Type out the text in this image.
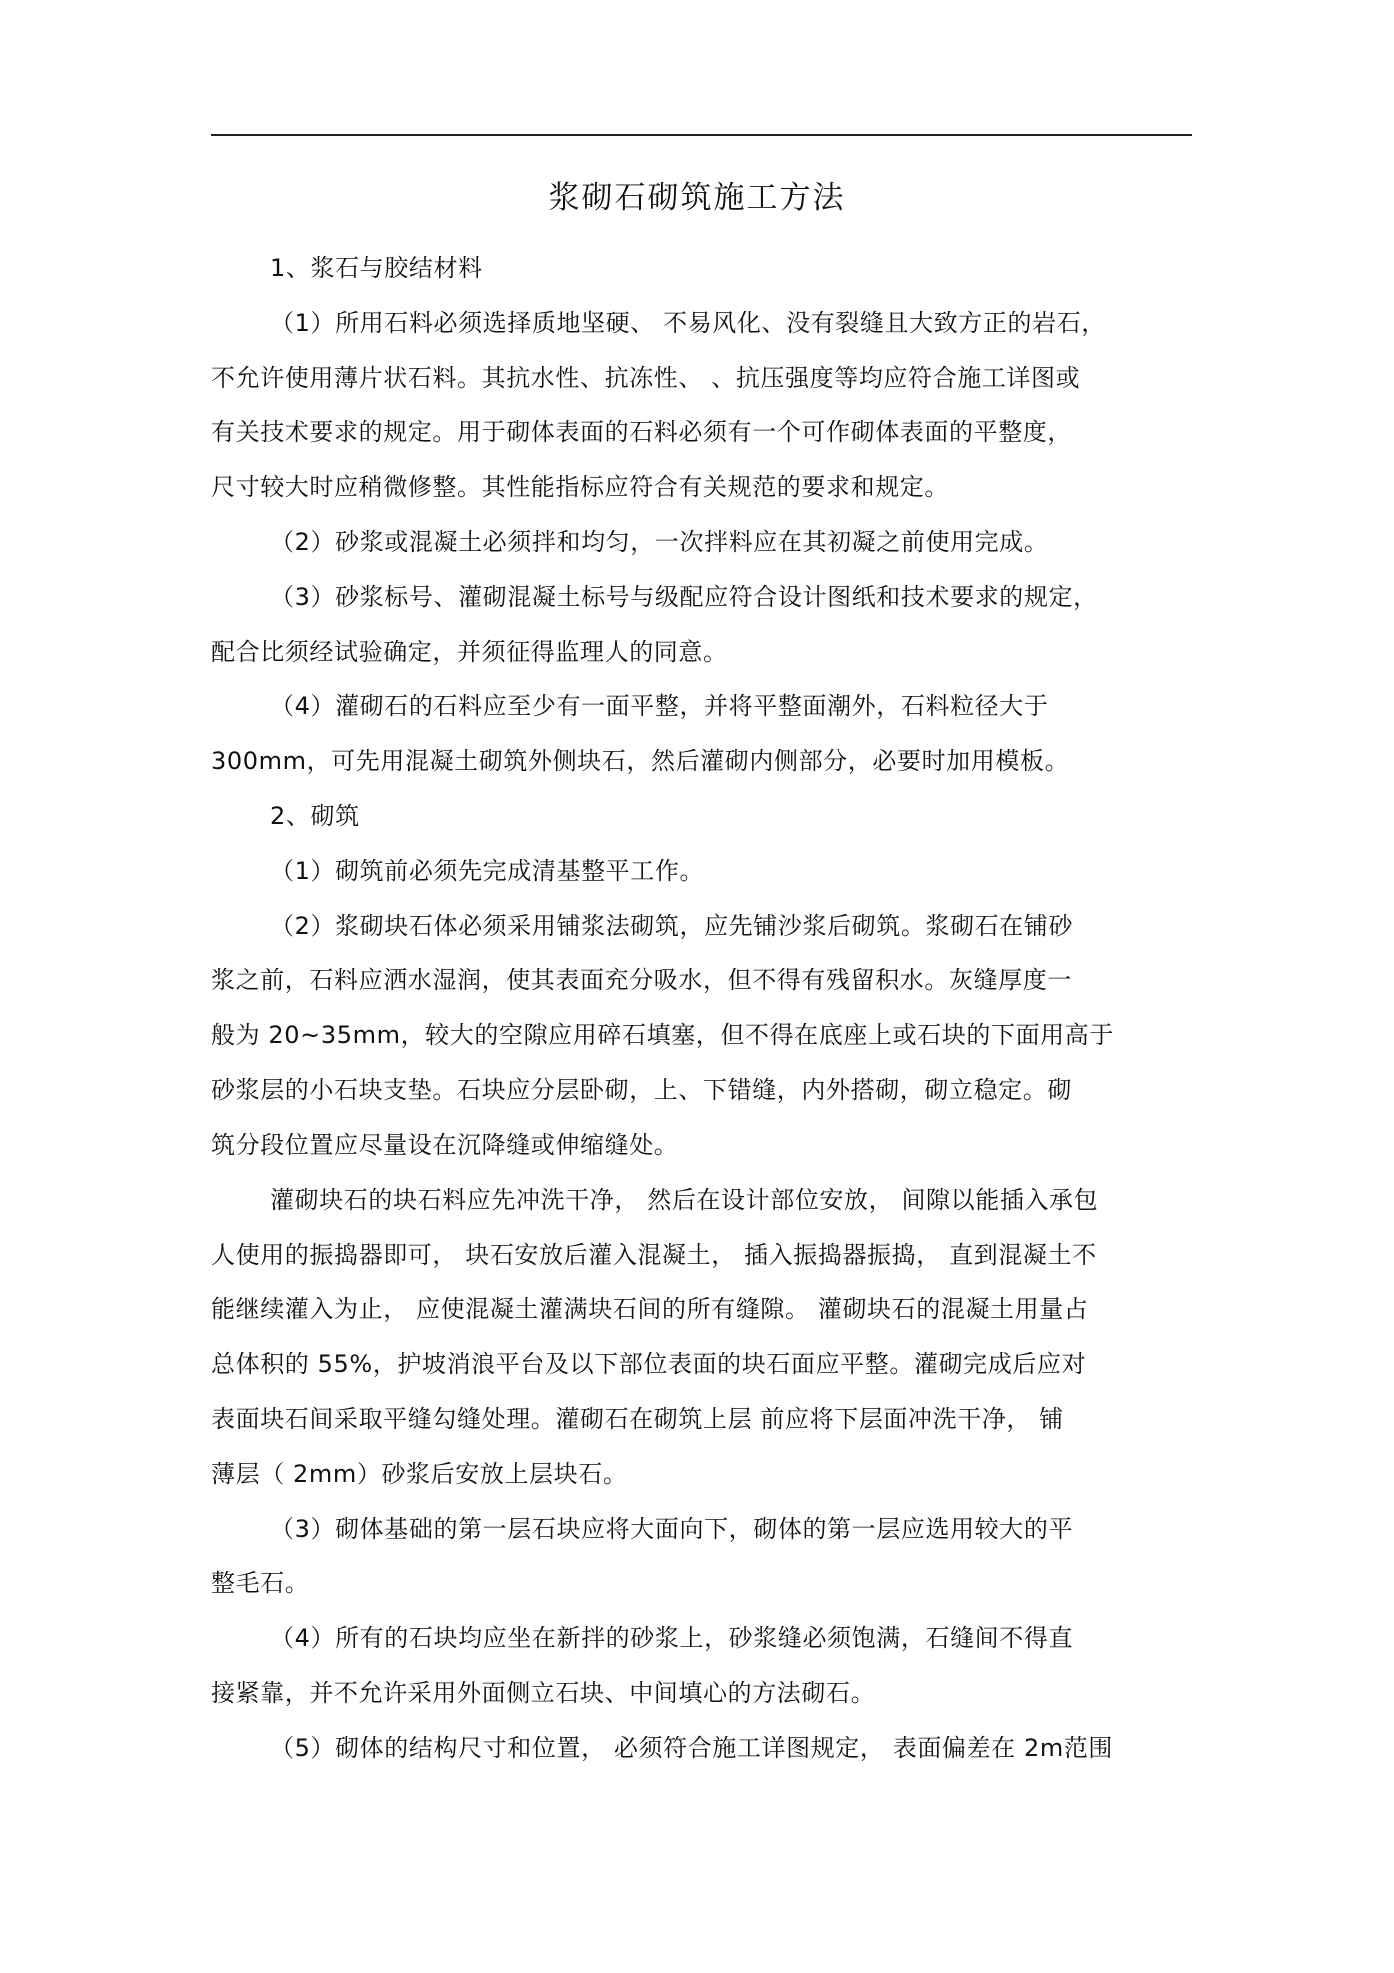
浆砌石砌筑施工方法
1、浆石与胶结材料
（1）所用石料必须选择质地坚硬、 不易风化、没有裂缝且大致方正的岩石，
不允许使用薄片状石料。其抗水性、抗冻性、 、抗压强度等均应符合施工详图或
有关技术要求的规定。用于砌体表面的石料必须有一个可作砌体表面的平整度，
尺寸较大时应稍微修整。其性能指标应符合有关规范的要求和规定。
（2）砂浆或混凝土必须拌和均匀，一次拌料应在其初凝之前使用完成。
（3）砂浆标号、灌砌混凝土标号与级配应符合设计图纸和技术要求的规定，
配合比须经试验确定，并须征得监理人的同意。
（4）灌砌石的石料应至少有一面平整，并将平整面潮外，石料粒径大于
300mm，可先用混凝土砌筑外侧块石，然后灌砌内侧部分，必要时加用模板。
2、砌筑
（1）砌筑前必须先完成清基整平工作。
（2）浆砌块石体必须采用铺浆法砌筑，应先铺沙浆后砌筑。浆砌石在铺砂
浆之前，石料应洒水湿润，使其表面充分吸水，但不得有残留积水。灰缝厚度一
般为 20~35mm，较大的空隙应用碎石填塞，但不得在底座上或石块的下面用高于
砂浆层的小石块支垫。石块应分层卧砌，上、下错缝，内外搭砌，砌立稳定。砌
筑分段位置应尽量设在沉降缝或伸缩缝处。
灌砌块石的块石料应先冲洗干净， 然后在设计部位安放， 间隙以能插入承包
人使用的振捣器即可， 块石安放后灌入混凝土， 插入振捣器振捣， 直到混凝土不
能继续灌入为止， 应使混凝土灌满块石间的所有缝隙。 灌砌块石的混凝土用量占
总体积的 55%，护坡消浪平台及以下部位表面的块石面应平整。灌砌完成后应对
表面块石间采取平缝勾缝处理。灌砌石在砌筑上层 前应将下层面冲洗干净， 铺
薄层（ 2mm）砂浆后安放上层块石。
（3）砌体基础的第一层石块应将大面向下，砌体的第一层应选用较大的平
整毛石。
（4）所有的石块均应坐在新拌的砂浆上，砂浆缝必须饱满，石缝间不得直
接紧靠，并不允许采用外面侧立石块、中间填心的方法砌石。
（5）砌体的结构尺寸和位置， 必须符合施工详图规定， 表面偏差在 2m范围
